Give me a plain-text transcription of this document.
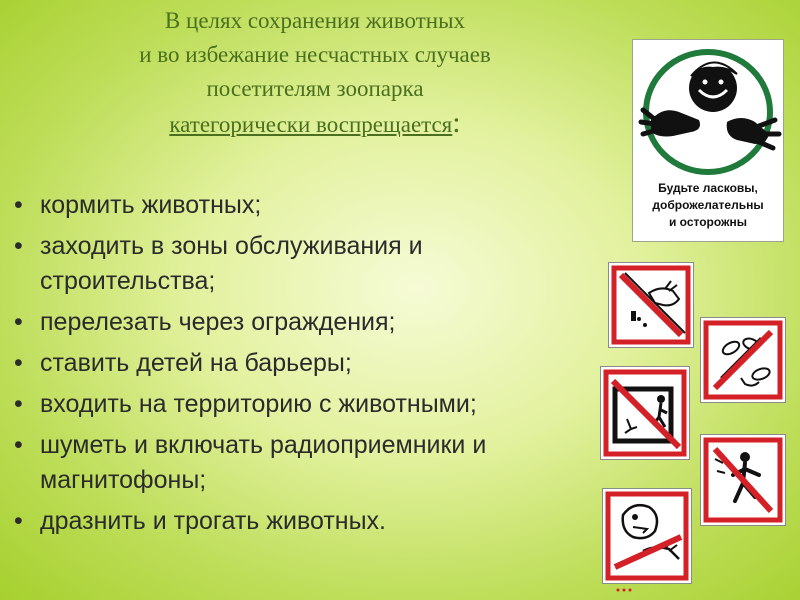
В целях сохранения животных
и во избежание несчастных случаев
посетителям зоопарка
категорически воспрещается:
• кормить животных;
• заходить в зоны обслуживания и строительства;
• перелезать через ограждения;
• ставить детей на барьеры;
• входить на территорию с животными;
• шуметь и включать радиоприемники и магнитофоны;
• дразнить и трогать животных.
Будьте ласковы,
доброжелательны
и осторожны
